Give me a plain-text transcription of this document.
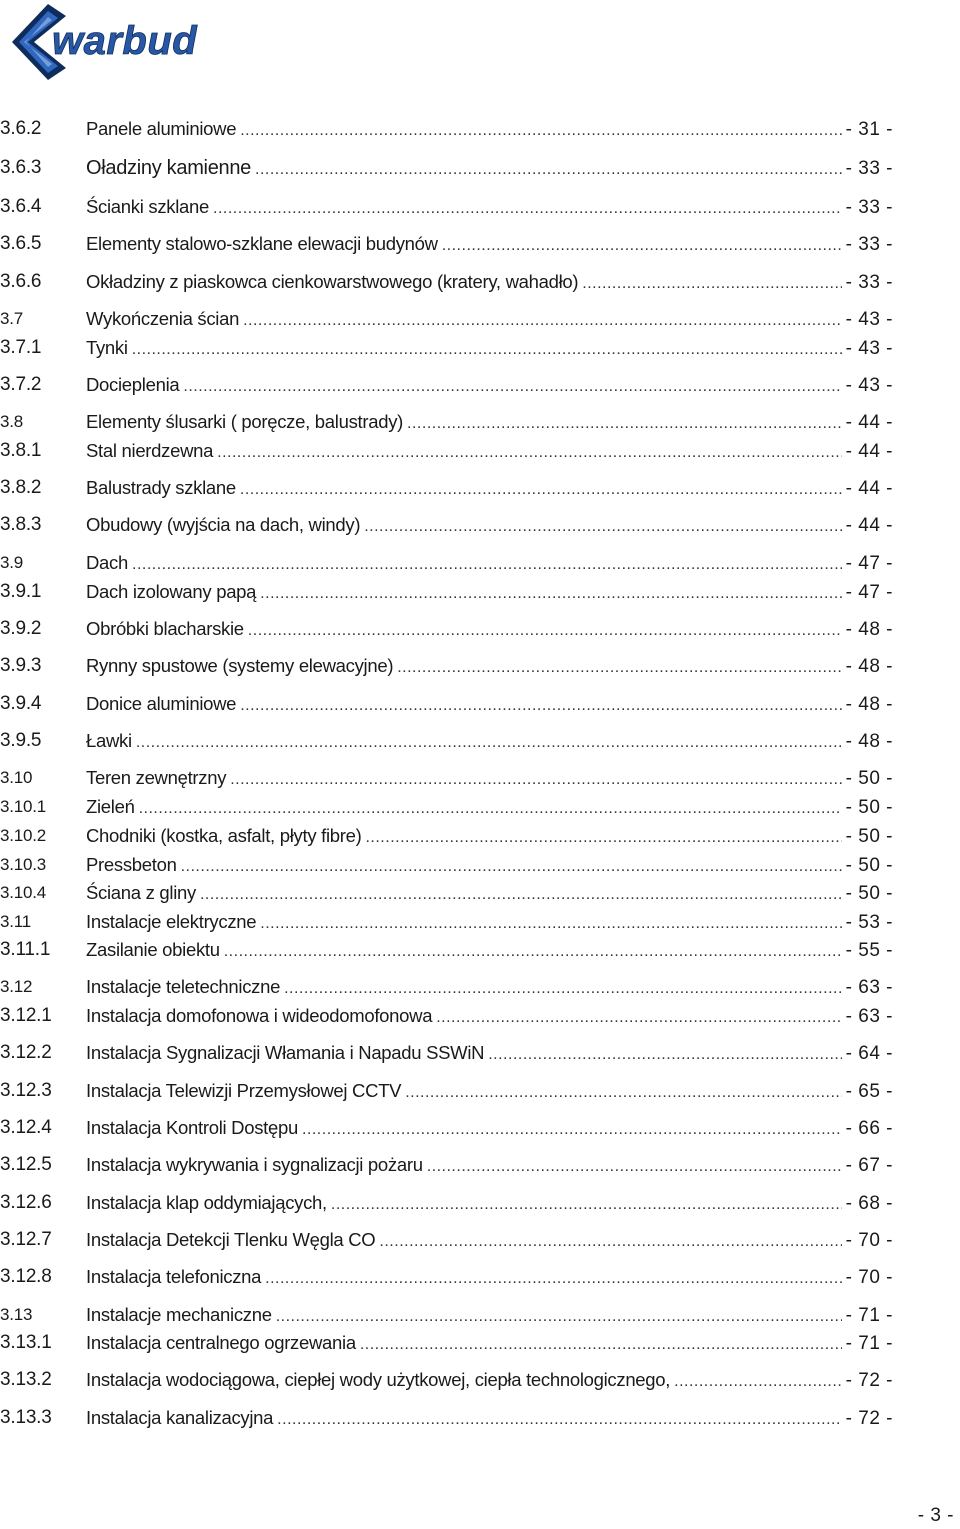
warbud
3.6.2 Panele aluminiowe .....	- 31 -
3.6.3 Oładziny kamienne .....	- 33 -
3.6.4 Ścianki szklane .....	- 33 -
3.6.5 Elementy stalowo-szklane elewacji budynów .....	- 33 -
3.6.6 Okładziny z piaskowca cienkowarstwowego (kratery, wahadło) .....	- 33 -
3.7	Wykończenia ścian .....	- 43 -
3.7.1 Tynki .....	- 43 -
3.7.2 Docieplenia .....	- 43 -
3.8	Elementy ślusarki ( poręcze, balustrady) .....	- 44 -
3.8.1 Stal nierdzewna .....	- 44 -
3.8.2 Balustrady szklane .....	- 44 -
3.8.3 Obudowy (wyjścia na dach, windy) .....	- 44 -
3.9	Dach .....	- 47 -
3.9.1 Dach izolowany papą .....	- 47 -
3.9.2 Obróbki blacharskie .....	- 48 -
3.9.3 Rynny spustowe (systemy elewacyjne) .....	- 48 -
3.9.4 Donice aluminiowe .....	- 48 -
3.9.5 Ławki .....	- 48 -
3.10	Teren zewnętrzny .....	- 50 -
3.10.1 Zieleń .....	- 50 -
3.10.2 Chodniki (kostka, asfalt, płyty fibre) .....	- 50 -
3.10.3 Pressbeton .....	- 50 -
3.10.4 Ściana z gliny .....	- 50 -
3.11	Instalacje elektryczne .....	- 53 -
3.11.1 Zasilanie obiektu .....	- 55 -
3.12	Instalacje teletechniczne .....	- 63 -
3.12.1 Instalacja domofonowa i wideodomofonowa .....	- 63 -
3.12.2 Instalacja Sygnalizacji Włamania i Napadu SSWiN .....	- 64 -
3.12.3 Instalacja Telewizji Przemysłowej CCTV .....	- 65 -
3.12.4 Instalacja Kontroli Dostępu .....	- 66 -
3.12.5 Instalacja wykrywania i sygnalizacji pożaru .....	- 67 -
3.12.6 Instalacja klap oddymiających, .....	- 68 -
3.12.7 Instalacja Detekcji Tlenku Węgla CO .....	- 70 -
3.12.8 Instalacja telefoniczna .....	- 70 -
3.13	Instalacje mechaniczne .....	- 71 -
3.13.1 Instalacja centralnego ogrzewania .....	- 71 -
3.13.2 Instalacja wodociągowa, ciepłej wody użytkowej, ciepła technologicznego, .....	- 72 -
3.13.3 Instalacja kanalizacyjna .....	- 72 -
- 3 -
